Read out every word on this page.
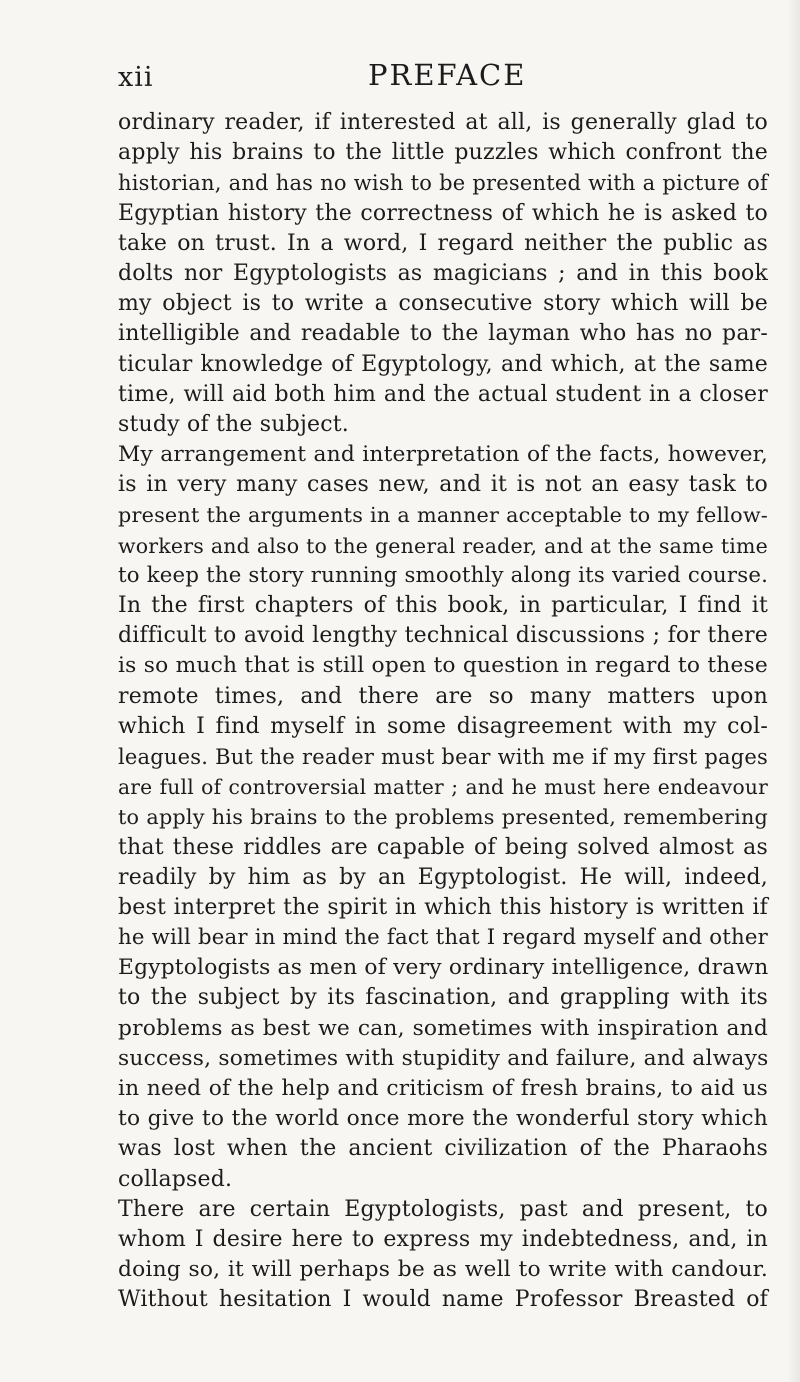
xii	PREFACE
ordinary reader, if interested at all, is generally glad to
apply his brains to the little puzzles which confront the
historian, and has no wish to be presented with a picture of
Egyptian history the correctness of which he is asked to
take on trust. In a word, I regard neither the public as
dolts nor Egyptologists as magicians ; and in this book
my object is to write a consecutive story which will be
intelligible and readable to the layman who has no par-
ticular knowledge of Egyptology, and which, at the same
time, will aid both him and the actual student in a closer
study of the subject.
My arrangement and interpretation of the facts, however,
is in very many cases new, and it is not an easy task to
present the arguments in a manner acceptable to my fellow-
workers and also to the general reader, and at the same time
to keep the story running smoothly along its varied course.
In the first chapters of this book, in particular, I find it
difficult to avoid lengthy technical discussions ; for there
is so much that is still open to question in regard to these
remote times, and there are so many matters upon
which I find myself in some disagreement with my col-
leagues. But the reader must bear with me if my first pages
are full of controversial matter ; and he must here endeavour
to apply his brains to the problems presented, remembering
that these riddles are capable of being solved almost as
readily by him as by an Egyptologist. He will, indeed,
best interpret the spirit in which this history is written if
he will bear in mind the fact that I regard myself and other
Egyptologists as men of very ordinary intelligence, drawn
to the subject by its fascination, and grappling with its
problems as best we can, sometimes with inspiration and
success, sometimes with stupidity and failure, and always
in need of the help and criticism of fresh brains, to aid us
to give to the world once more the wonderful story which
was lost when the ancient civilization of the Pharaohs
collapsed.
There are certain Egyptologists, past and present, to
whom I desire here to express my indebtedness, and, in
doing so, it will perhaps be as well to write with candour.
Without hesitation I would name Professor Breasted of
